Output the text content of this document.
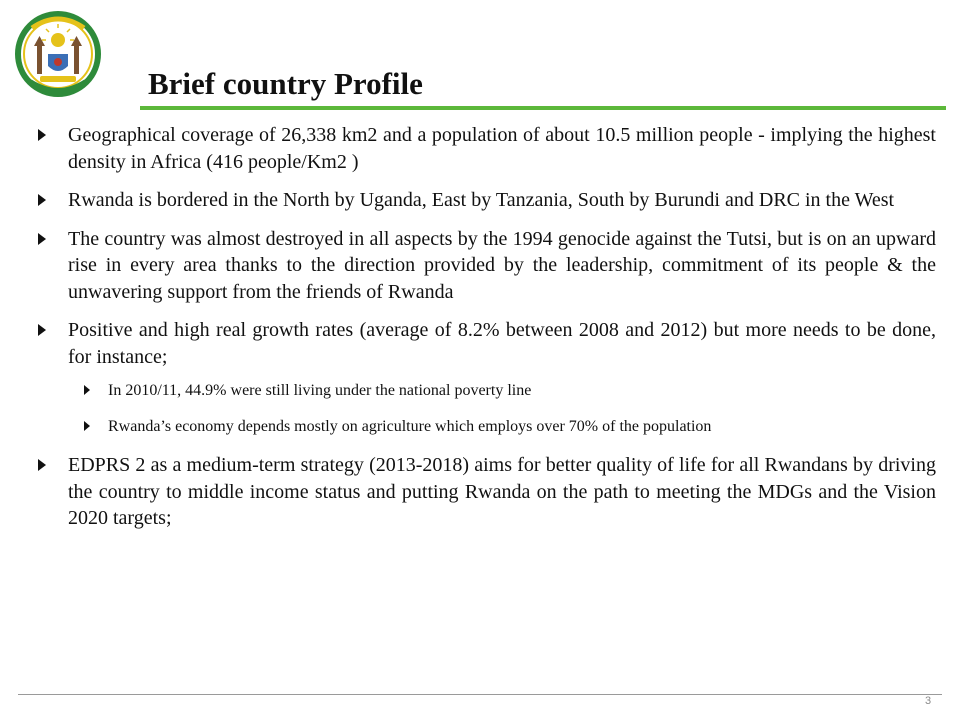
Brief country Profile
Geographical coverage of 26,338 km2 and a population of about 10.5 million people - implying the highest density in Africa (416 people/Km2 )
Rwanda is bordered in the North by Uganda, East by Tanzania, South by Burundi and DRC in the West
The country was almost destroyed in all aspects by the 1994 genocide against the Tutsi, but is on an upward rise in every area thanks to the direction provided by the leadership, commitment of its people & the unwavering support from the friends of Rwanda
Positive and high real growth rates (average of 8.2% between 2008 and 2012) but more needs to be done, for instance;
In 2010/11, 44.9% were still living under the national poverty line
Rwanda’s economy depends mostly on agriculture which employs over 70% of the population
EDPRS 2 as a medium-term strategy (2013-2018) aims for better quality of life for all Rwandans by driving the country to middle income status and putting Rwanda on the path to meeting the MDGs and the Vision 2020 targets;
3
